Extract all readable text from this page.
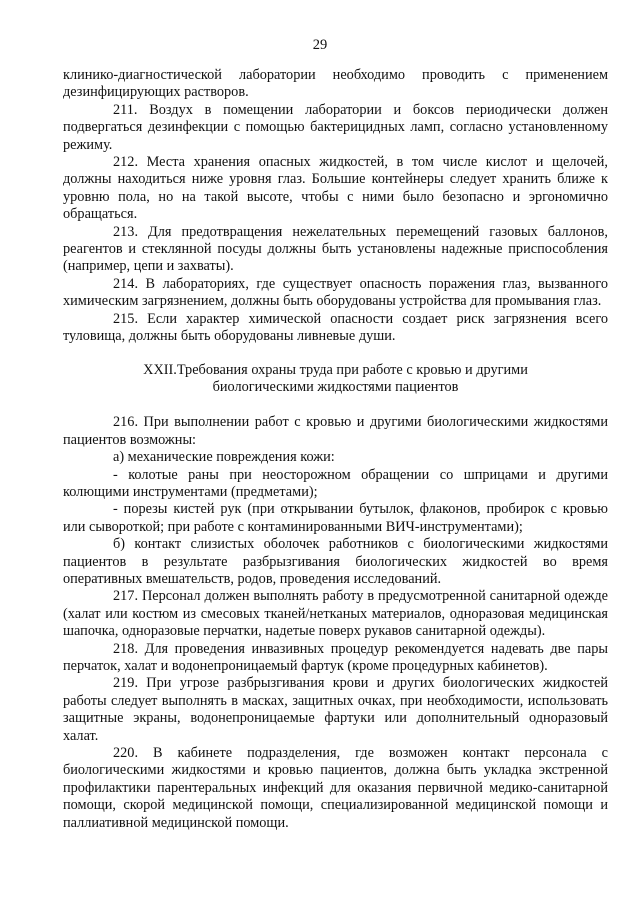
29

клинико-диагностической лаборатории необходимо проводить с применением дезинфицирующих растворов.

211. Воздух в помещении лаборатории и боксов периодически должен подвергаться дезинфекции с помощью бактерицидных ламп, согласно установленному режиму.

212. Места хранения опасных жидкостей, в том числе кислот и щелочей, должны находиться ниже уровня глаз. Большие контейнеры следует хранить ближе к уровню пола, но на такой высоте, чтобы с ними было безопасно и эргономично обращаться.

213. Для предотвращения нежелательных перемещений газовых баллонов, реагентов и стеклянной посуды должны быть установлены надежные приспособления (например, цепи и захваты).

214. В лабораториях, где существует опасность поражения глаз, вызванного химическим загрязнением, должны быть оборудованы устройства для промывания глаз.

215. Если характер химической опасности создает риск загрязнения всего туловища, должны быть оборудованы ливневые души.

XXII.Требования охраны труда при работе с кровью и другими
биологическими жидкостями пациентов

216. При выполнении работ с кровью и другими биологическими жидкостями пациентов возможны:

а) механические повреждения кожи:

- колотые раны при неосторожном обращении со шприцами и другими колющими инструментами (предметами);

- порезы кистей рук (при открывании бутылок, флаконов, пробирок с кровью или сывороткой; при работе с контаминированными ВИЧ-инструментами);

б) контакт слизистых оболочек работников с биологическими жидкостями пациентов в результате разбрызгивания биологических жидкостей во время оперативных вмешательств, родов, проведения исследований.

217. Персонал должен выполнять работу в предусмотренной санитарной одежде (халат или костюм из смесовых тканей/нетканых материалов, одноразовая медицинская шапочка, одноразовые перчатки, надетые поверх рукавов санитарной одежды).

218. Для проведения инвазивных процедур рекомендуется надевать две пары перчаток, халат и водонепроницаемый фартук (кроме процедурных кабинетов).

219. При угрозе разбрызгивания крови и других биологических жидкостей работы следует выполнять в масках, защитных очках, при необходимости, использовать защитные экраны, водонепроницаемые фартуки или дополнительный одноразовый халат.

220. В кабинете подразделения, где возможен контакт персонала с биологическими жидкостями и кровью пациентов, должна быть укладка экстренной профилактики парентеральных инфекций для оказания первичной медико-санитарной помощи, скорой медицинской помощи, специализированной медицинской помощи и паллиативной медицинской помощи.
